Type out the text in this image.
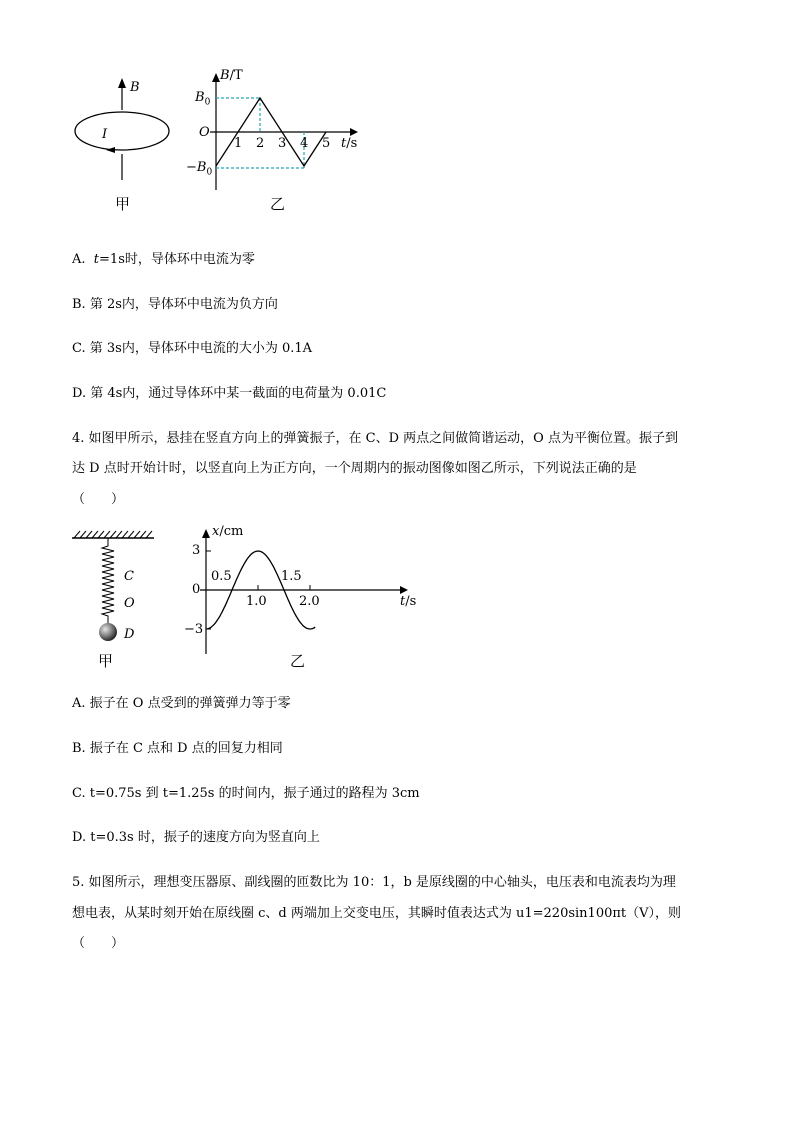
B
I
B/T
$B_0$
O
$-B_0$
1 2 3 4 5 t/s
甲	乙
A.  t=1s时，导体环中电流为零
B. 第 2s内，导体环中电流为负方向
C. 第 3s内，导体环中电流的大小为 0.1A
D. 第 4s内，通过导体环中某一截面的电荷量为 0.01C
4. 如图甲所示，悬挂在竖直方向上的弹簧振子，在 C、D 两点之间做简谐运动，O 点为平衡位置。振子到
达 D 点时开始计时，以竖直向上为正方向，一个周期内的振动图像如图乙所示，下列说法正确的是
（　　）
C
O
D
x/cm
3
0
−3
0.5	1.5
1.0 2.0	t/s
甲	乙
A. 振子在 O 点受到的弹簧弹力等于零
B. 振子在 C 点和 D 点的回复力相同
C. t=0.75s 到 t=1.25s 的时间内，振子通过的路程为 3cm
D. t=0.3s 时，振子的速度方向为竖直向上
5. 如图所示，理想变压器原、副线圈的匝数比为 10：1，b 是原线圈的中心轴头，电压表和电流表均为理
想电表，从某时刻开始在原线圈 c、d 两端加上交变电压，其瞬时值表达式为 u1=220sin100πt（V），则
（　　）
